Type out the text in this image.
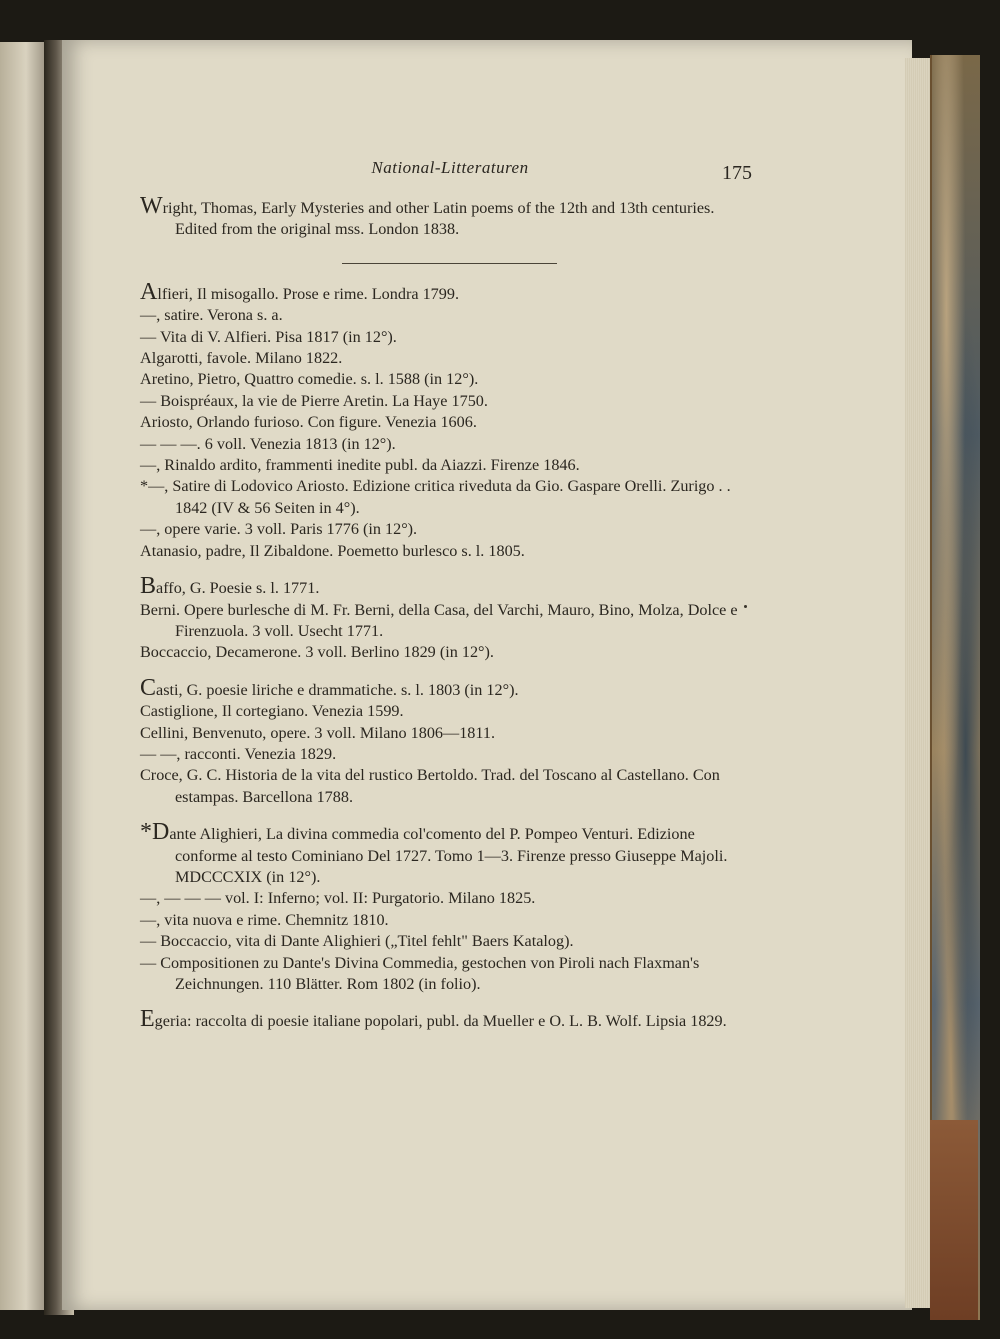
National-Litteraturen	175

Wright, Thomas, Early Mysteries and other Latin poems of the 12th and 13th centuries. Edited from the original mss. London 1838.

Alfieri, Il misogallo. Prose e rime. Londra 1799.

—, satire. Verona s. a.

— Vita di V. Alfieri. Pisa 1817 (in 12°).

Algarotti, favole. Milano 1822.

Aretino, Pietro, Quattro comedie. s. l. 1588 (in 12°).

— Boispréaux, la vie de Pierre Aretin. La Haye 1750.

Ariosto, Orlando furioso. Con figure. Venezia 1606.

— — —. 6 voll. Venezia 1813 (in 12°).

—, Rinaldo ardito, frammenti inedite publ. da Aiazzi. Firenze 1846.

*—, Satire di Lodovico Ariosto. Edizione critica riveduta da Gio. Gaspare Orelli. Zurigo . . 1842 (IV & 56 Seiten in 4°).

—, opere varie. 3 voll. Paris 1776 (in 12°).

Atanasio, padre, Il Zibaldone. Poemetto burlesco s. l. 1805.

Baffo, G. Poesie s. l. 1771.

Berni. Opere burlesche di M. Fr. Berni, della Casa, del Varchi, Mauro, Bino, Molza, Dolce e Firenzuola. 3 voll. Usecht 1771.

Boccaccio, Decamerone. 3 voll. Berlino 1829 (in 12°).

Casti, G. poesie liriche e drammatiche. s. l. 1803 (in 12°).

Castiglione, Il cortegiano. Venezia 1599.

Cellini, Benvenuto, opere. 3 voll. Milano 1806—1811.

— —, racconti. Venezia 1829.

Croce, G. C. Historia de la vita del rustico Bertoldo. Trad. del Toscano al Castellano. Con estampas. Barcellona 1788.

*Dante Alighieri, La divina commedia col'comento del P. Pompeo Venturi. Edizione conforme al testo Cominiano Del 1727. Tomo 1—3. Firenze presso Giuseppe Majoli. MDCCCXIX (in 12°).

—, — — — vol. I: Inferno; vol. II: Purgatorio. Milano 1825.

—, vita nuova e rime. Chemnitz 1810.

— Boccaccio, vita di Dante Alighieri („Titel fehlt" Baers Katalog).

— Compositionen zu Dante's Divina Commedia, gestochen von Piroli nach Flaxman's Zeichnungen. 110 Blätter. Rom 1802 (in folio).

Egeria: raccolta di poesie italiane popolari, publ. da Mueller e O. L. B. Wolf. Lipsia 1829.
